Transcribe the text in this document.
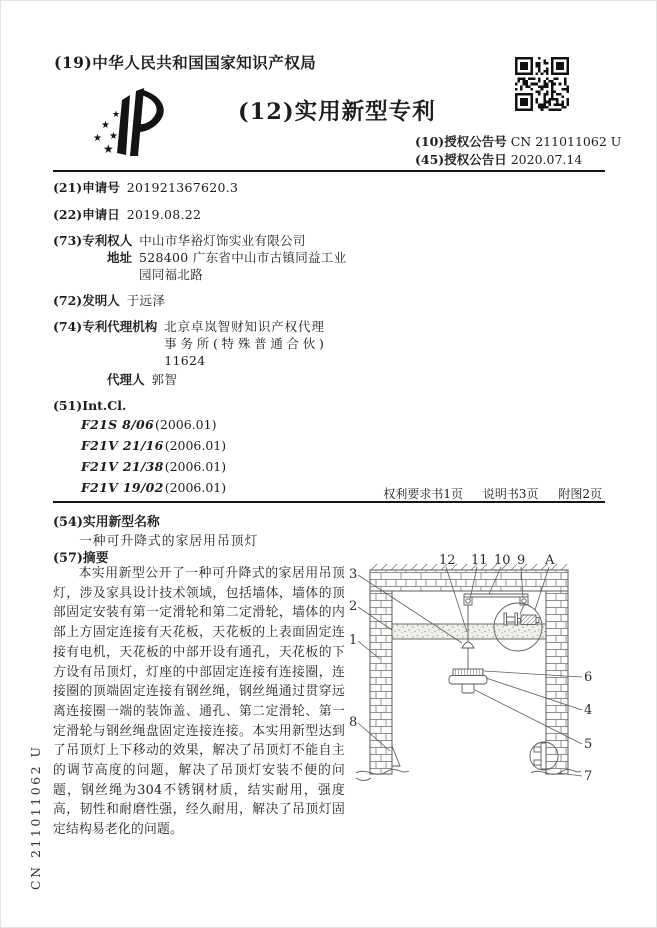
(19)中华人民共和国国家知识产权局
★
★
★
★
★
(12)实用新型专利
(10)授权公告号 CN 211011062 U
(45)授权公告日 2020.07.14
(21)申请号 201921367620.3
(22)申请日 2019.08.22
(73)专利权人 中山市华裕灯饰实业有限公司
地址 528400 广东省中山市古镇同益工业园同福北路
(72)发明人 于远泽
(74)专利代理机构 北京卓岚智财知识产权代理事务所(特殊普通合伙) 11624
代理人 郭智
(51)Int.Cl.
F21S 8/06(2006.01)
F21V 21/16(2006.01)
F21V 21/38(2006.01)
F21V 19/02(2006.01)	权利要求书1页 说明书3页 附图2页
(54)实用新型名称
一种可升降式的家居用吊顶灯
(57)摘要
本实用新型公开了一种可升降式的家居用吊顶灯，涉及家具设计技术领域，包括墙体，墙体的顶部固定安装有第一定滑轮和第二定滑轮，墙体的内部上方固定连接有天花板，天花板的上表面固定连接有电机，天花板的中部开设有通孔，天花板的下方设有吊顶灯，灯座的中部固定连接有连接圈，连接圈的顶端固定连接有钢丝绳，钢丝绳通过贯穿远离连接圈一端的装饰盖、通孔、第二定滑轮、第一定滑轮与钢丝绳盘固定连接连接。本实用新型达到了吊顶灯上下移动的效果，解决了吊顶灯不能自主的调节高度的问题，解决了吊顶灯安装不便的问题，钢丝绳为304不锈钢材质，结实耐用，强度高，韧性和耐磨性强，经久耐用，解决了吊顶灯固定结构易老化的问题。
3
2
1
8
12 11 10 9 A
6
4
5
7
CN 211011062 U
